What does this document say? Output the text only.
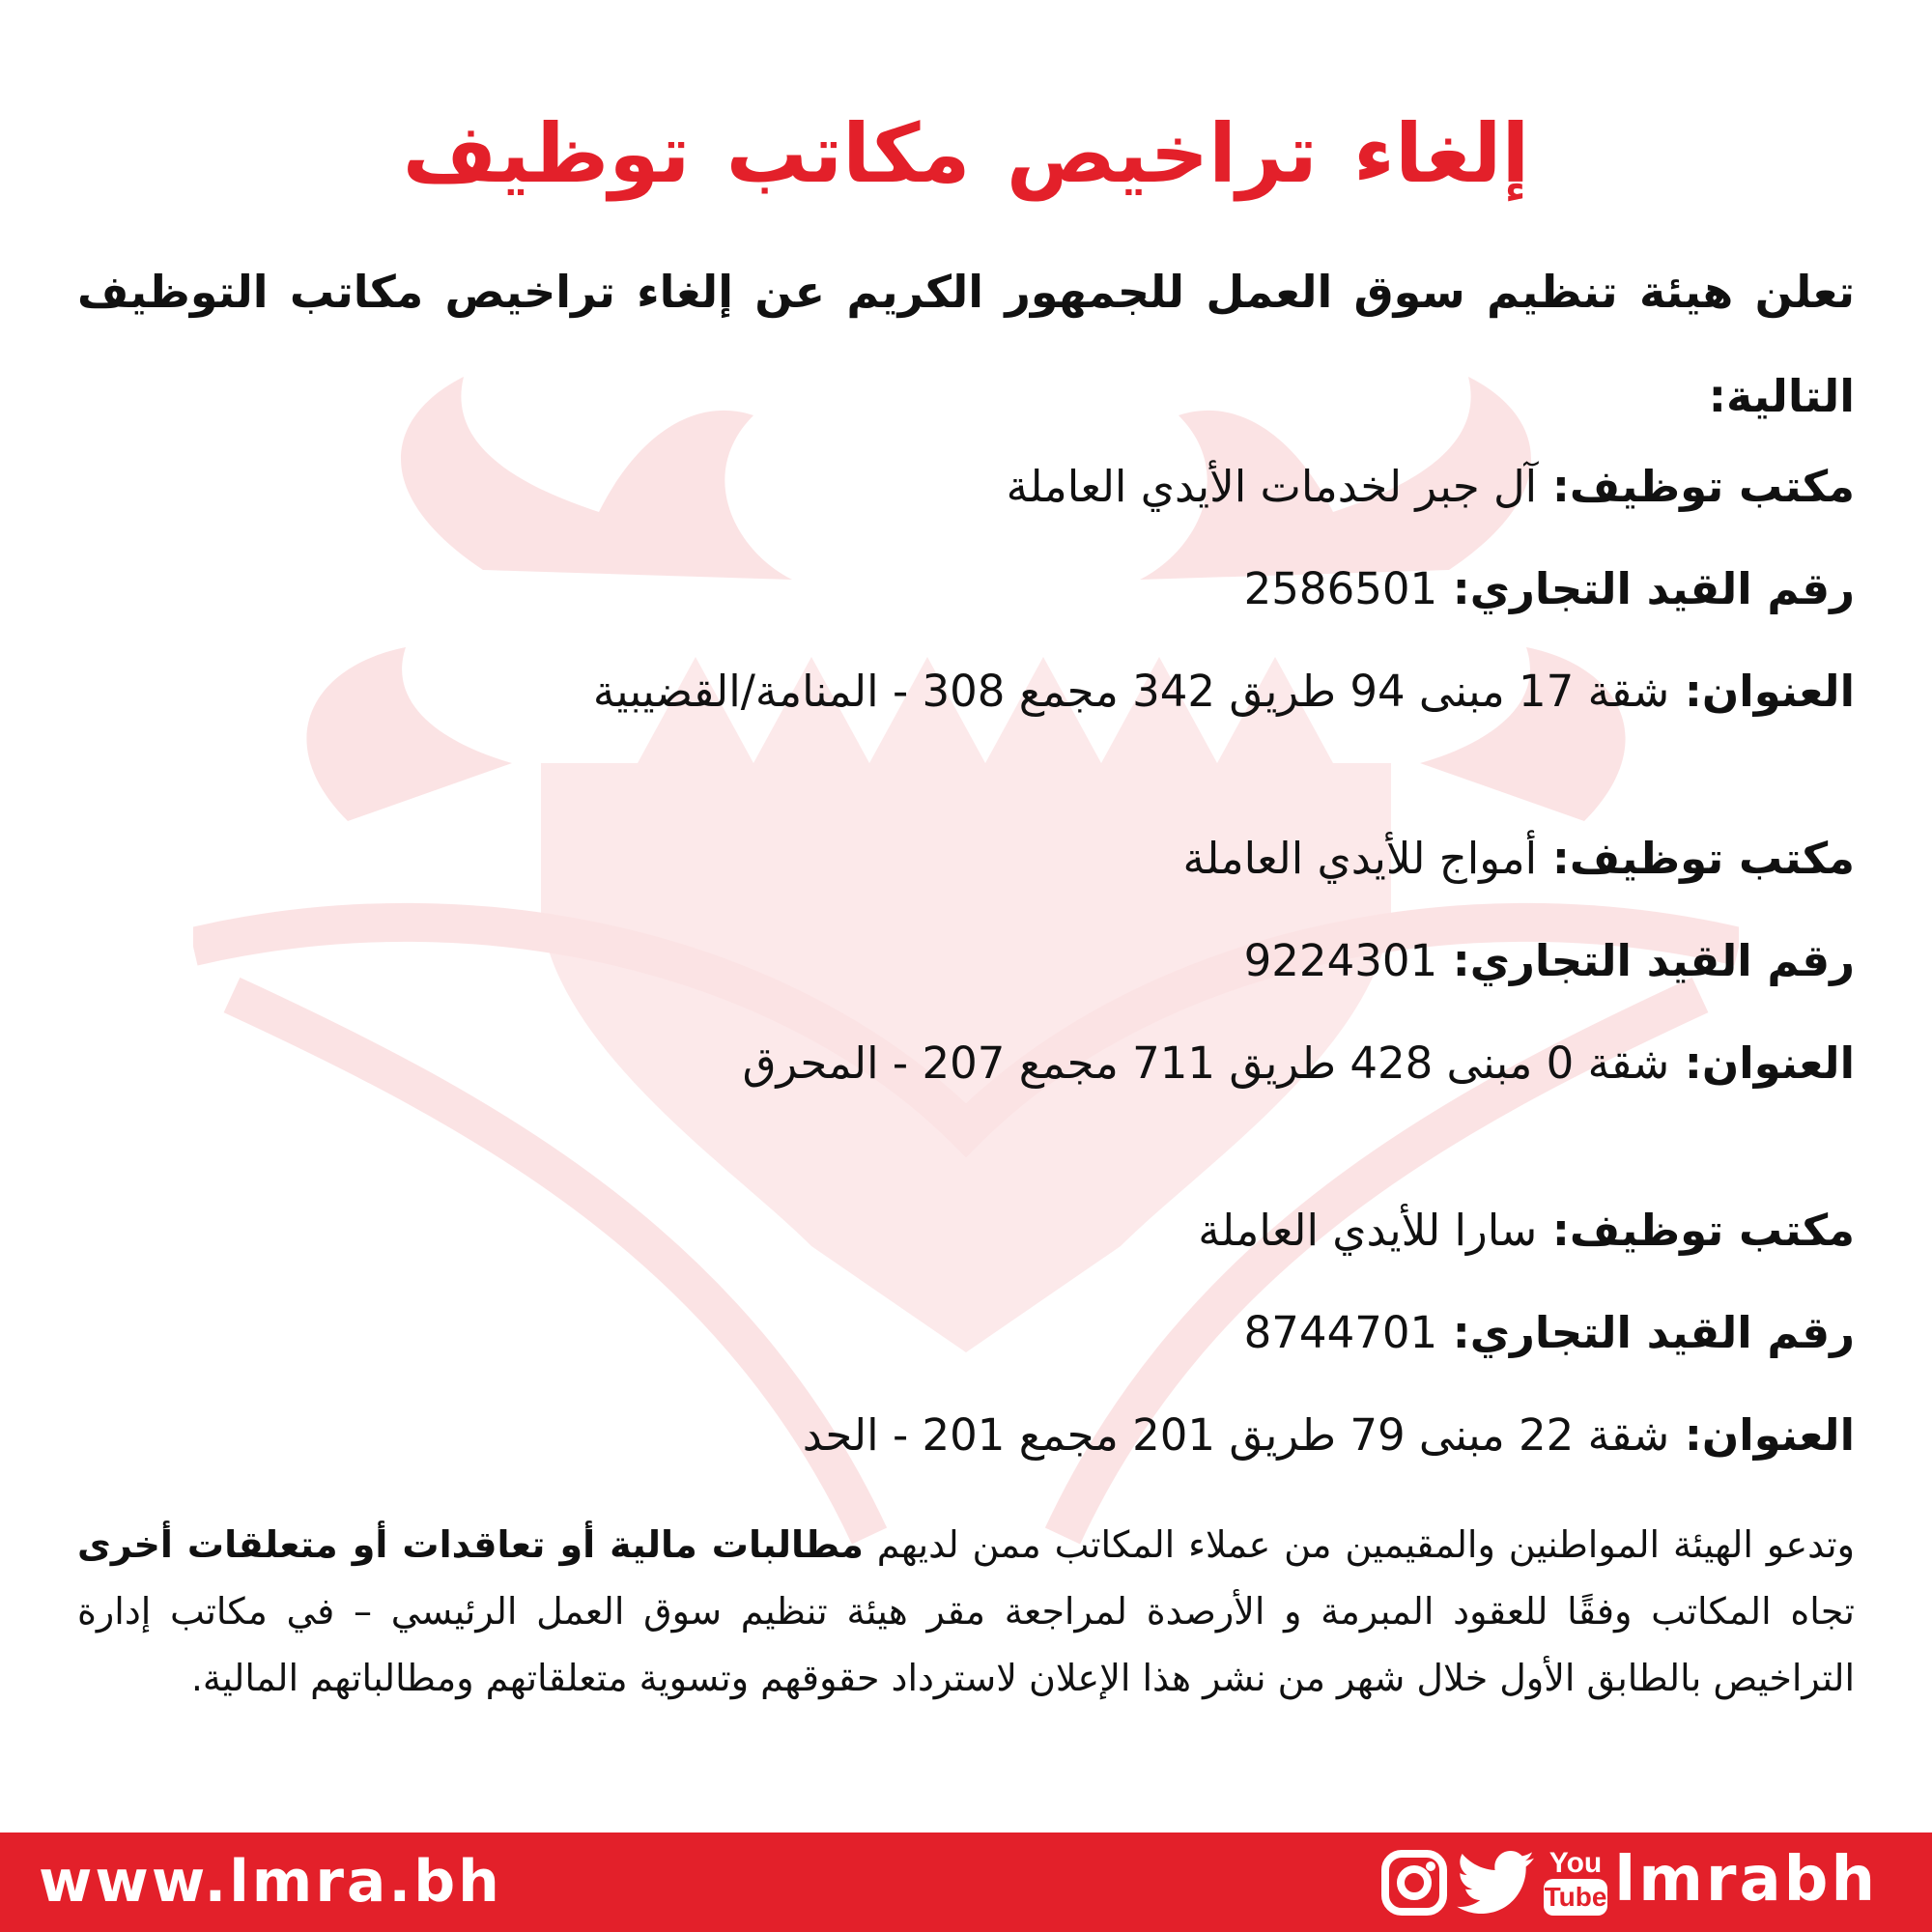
إلغاء تراخيص مكاتب توظيف
تعلن هيئة تنظيم سوق العمل للجمهور الكريم عن إلغاء تراخيص مكاتب التوظيف التالية:
مكتب توظيف: آل جبر لخدمات الأيدي العاملة
رقم القيد التجاري: 2586501
العنوان: شقة 17 مبنى 94 طريق 342 مجمع 308 - المنامة/القضيبية
مكتب توظيف: أمواج للأيدي العاملة
رقم القيد التجاري: 9224301
العنوان: شقة 0 مبنى 428 طريق 711 مجمع 207 - المحرق
مكتب توظيف: سارا للأيدي العاملة
رقم القيد التجاري: 8744701
العنوان: شقة 22 مبنى 79 طريق 201 مجمع 201 - الحد
وتدعو الهيئة المواطنين والمقيمين من عملاء المكاتب ممن لديهم مطالبات مالية أو تعاقدات أو متعلقات أخرى تجاه المكاتب وفقًا للعقود المبرمة و الأرصدة لمراجعة مقر هيئة تنظيم سوق العمل الرئيسي – في مكاتب إدارة التراخيص بالطابق الأول خلال شهر من نشر هذا الإعلان لاسترداد حقوقهم وتسوية متعلقاتهم ومطالباتهم المالية.
www.lmra.bh	You
Tube lmrabh
